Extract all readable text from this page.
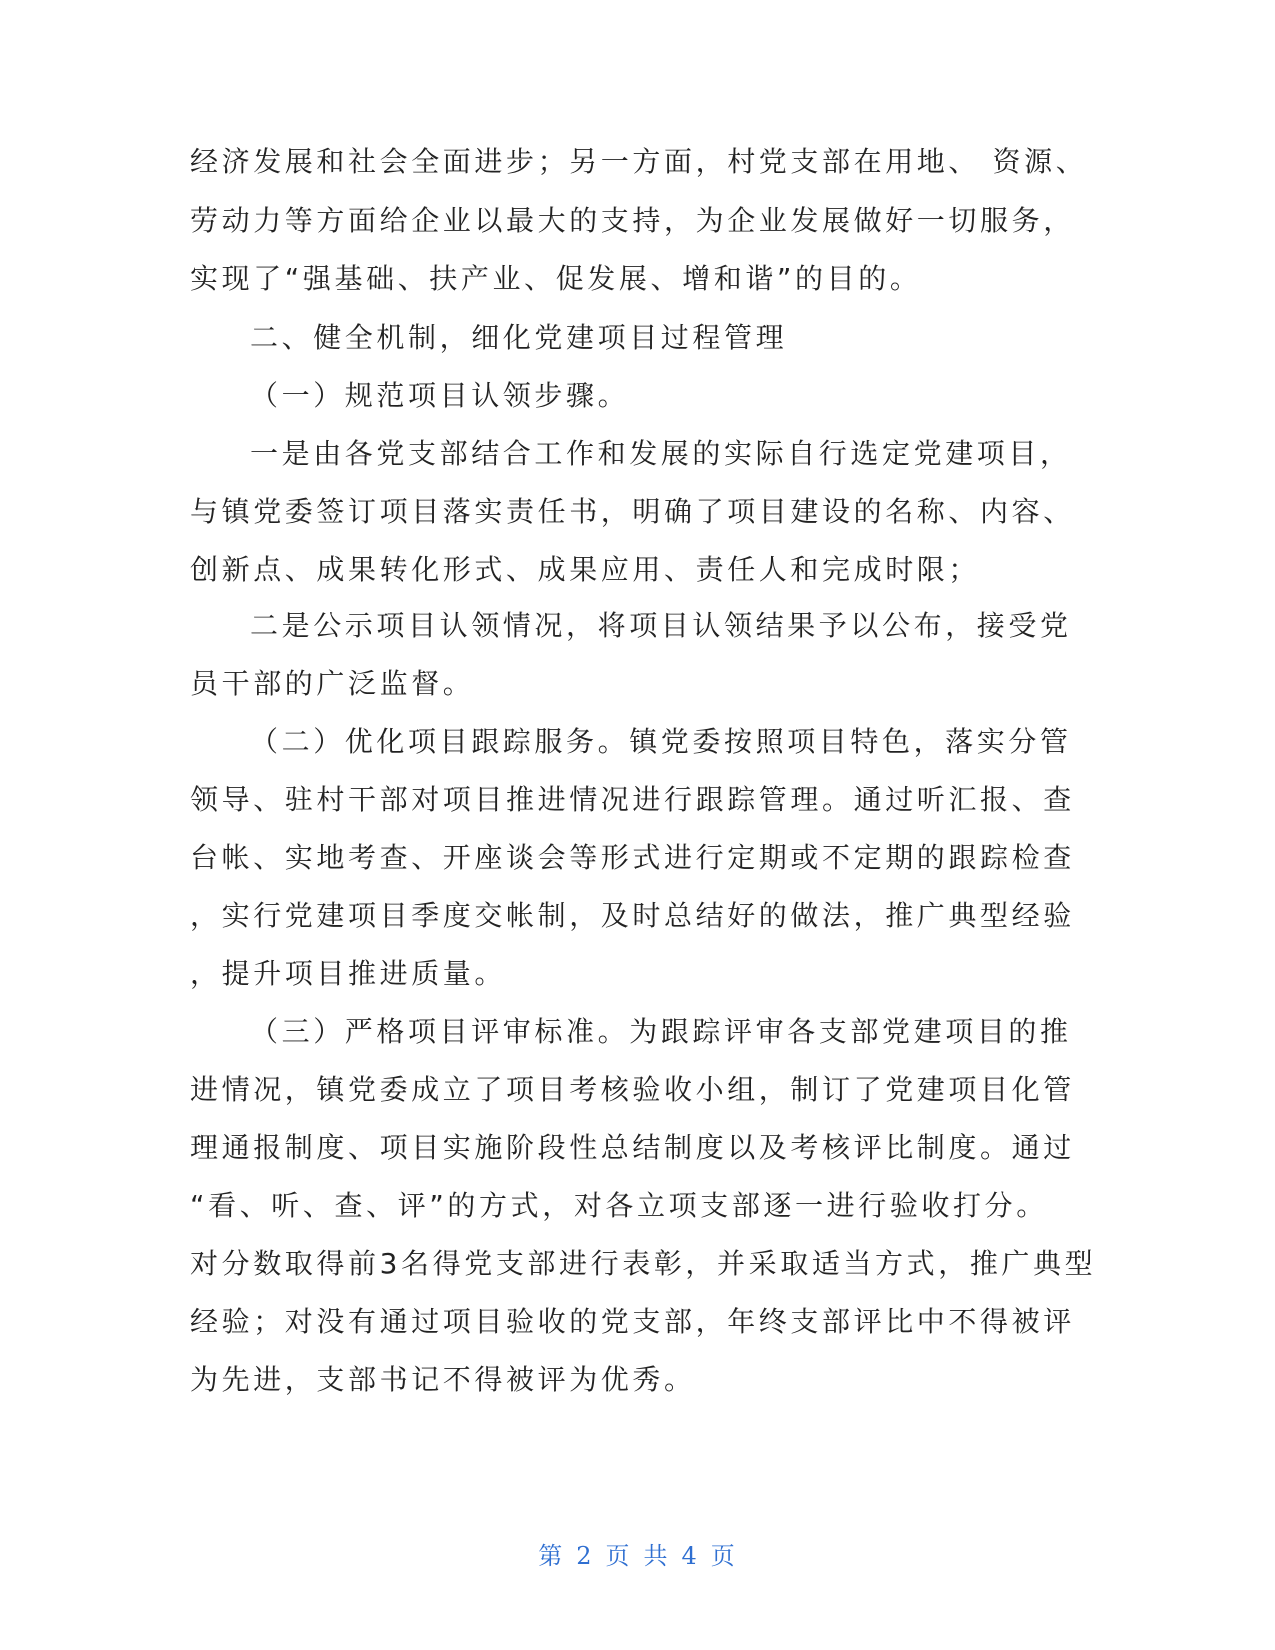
经济发展和社会全面进步；另一方面，村党支部在用地、 资源、
劳动力等方面给企业以最大的支持，为企业发展做好一切服务，
实现了“强基础、扶产业、促发展、增和谐”的目的。
二、健全机制，细化党建项目过程管理
（一）规范项目认领步骤。
一是由各党支部结合工作和发展的实际自行选定党建项目，
与镇党委签订项目落实责任书，明确了项目建设的名称、内容、
创新点、成果转化形式、成果应用、责任人和完成时限；
二是公示项目认领情况，将项目认领结果予以公布，接受党
员干部的广泛监督。
（二）优化项目跟踪服务。镇党委按照项目特色，落实分管
领导、驻村干部对项目推进情况进行跟踪管理。通过听汇报、查
台帐、实地考查、开座谈会等形式进行定期或不定期的跟踪检查
，实行党建项目季度交帐制，及时总结好的做法，推广典型经验
，提升项目推进质量。
（三）严格项目评审标准。为跟踪评审各支部党建项目的推
进情况，镇党委成立了项目考核验收小组，制订了党建项目化管
理通报制度、项目实施阶段性总结制度以及考核评比制度。通过
“看、听、查、评”的方式，对各立项支部逐一进行验收打分。
对分数取得前3名得党支部进行表彰，并采取适当方式，推广典型
经验；对没有通过项目验收的党支部，年终支部评比中不得被评
为先进，支部书记不得被评为优秀。
第 2 页 共 4 页
